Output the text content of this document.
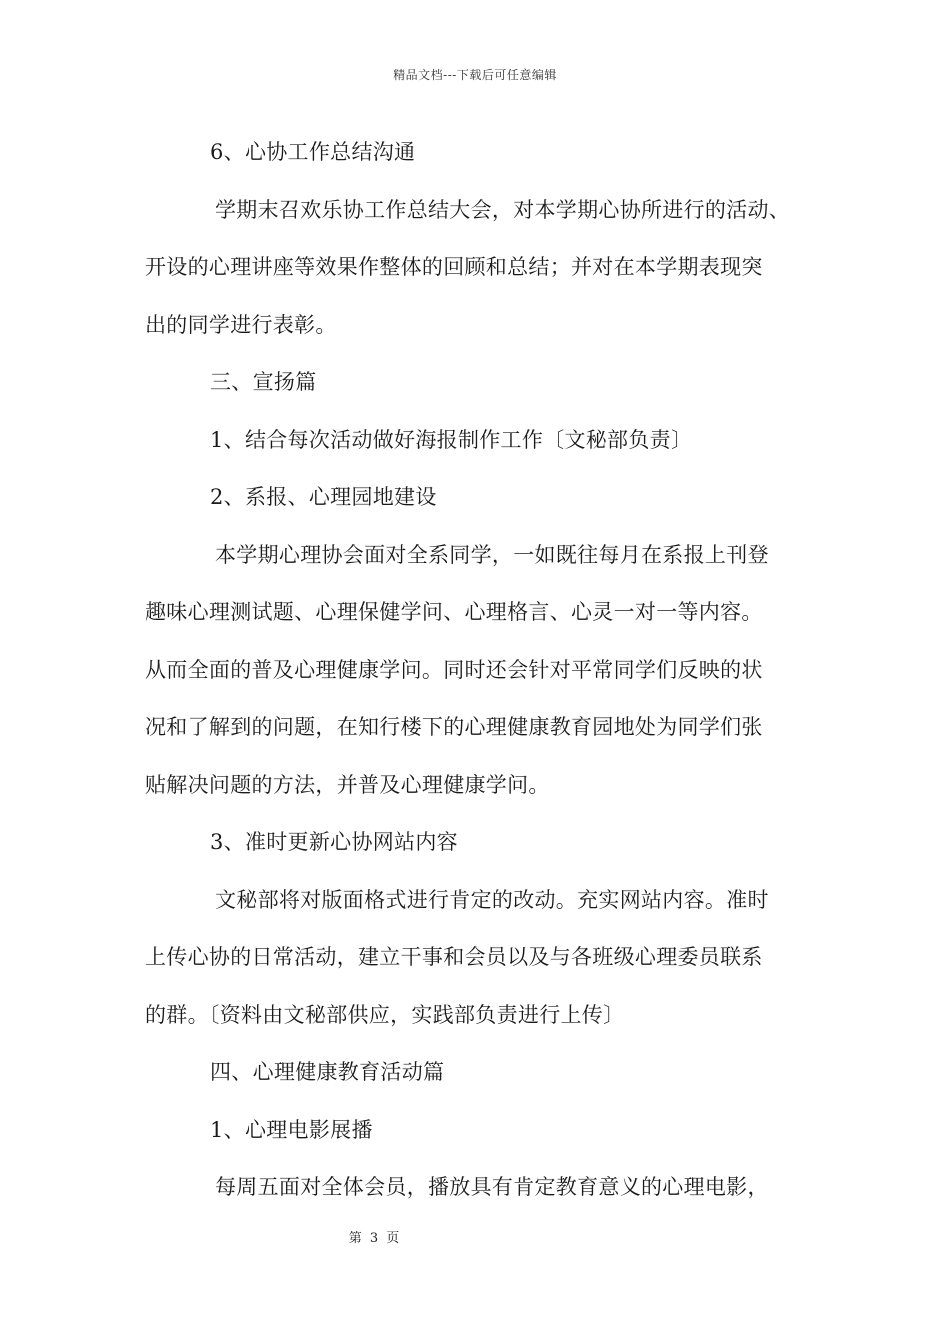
精品文档---下载后可任意编辑
6、心协工作总结沟通
学期末召欢乐协工作总结大会，对本学期心协所进行的活动、
开设的心理讲座等效果作整体的回顾和总结；并对在本学期表现突
出的同学进行表彰。
三、宣扬篇
1、结合每次活动做好海报制作工作〔文秘部负责〕
2、系报、心理园地建设
本学期心理协会面对全系同学，一如既往每月在系报上刊登
趣味心理测试题、心理保健学问、心理格言、心灵一对一等内容。
从而全面的普及心理健康学问。同时还会针对平常同学们反映的状
况和了解到的问题，在知行楼下的心理健康教育园地处为同学们张
贴解决问题的方法，并普及心理健康学问。
3、准时更新心协网站内容
文秘部将对版面格式进行肯定的改动。充实网站内容。准时
上传心协的日常活动，建立干事和会员以及与各班级心理委员联系
的群。〔资料由文秘部供应，实践部负责进行上传〕
四、心理健康教育活动篇
1、心理电影展播
每周五面对全体会员，播放具有肯定教育意义的心理电影，
第 3 页
